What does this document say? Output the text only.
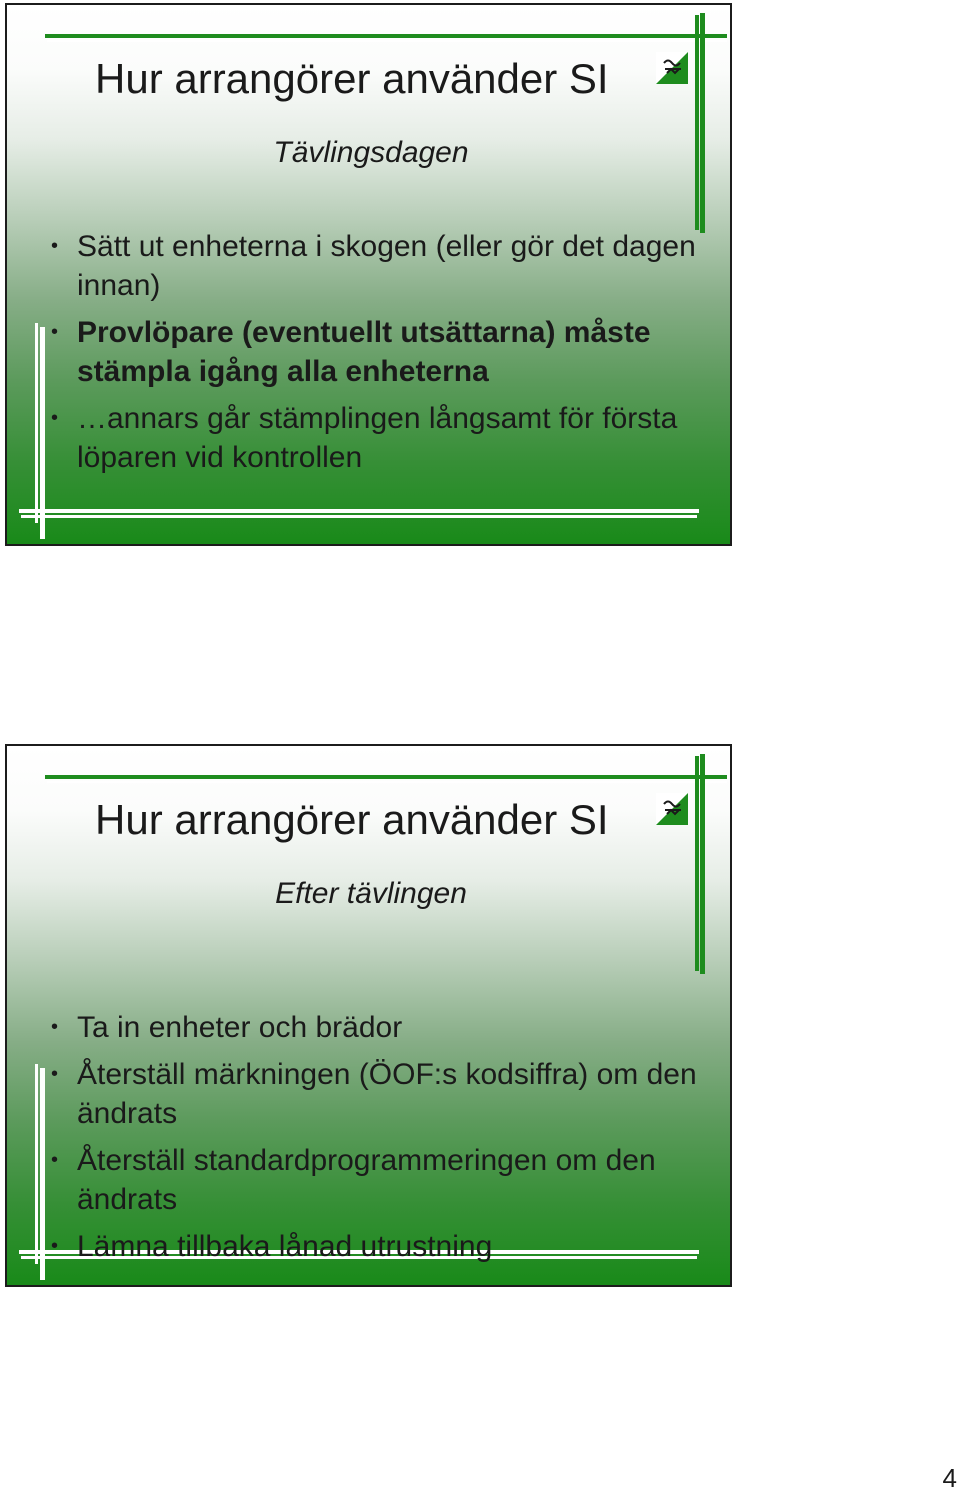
Hur arrangörer använder SI

Tävlingsdagen

• Sätt ut enheterna i skogen (eller gör det dagen innan)
• Provlöpare (eventuellt utsättarna) måste stämpla igång alla enheterna
• …annars går stämplingen långsamt för första löparen vid kontrollen
Hur arrangörer använder SI

Efter tävlingen

• Ta in enheter och brädor
• Återställ märkningen (ÖOF:s kodsiffra) om den ändrats
• Återställ standardprogrammeringen om den ändrats
• Lämna tillbaka lånad utrustning
4
